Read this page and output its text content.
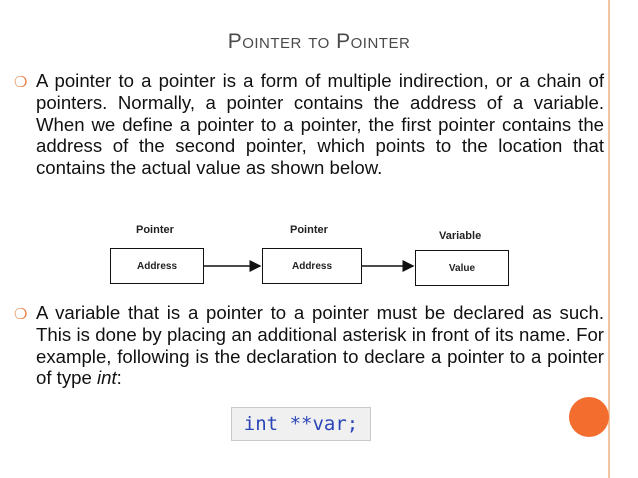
Pointer to Pointer
❍ A pointer to a pointer is a form of multiple indirection, or a chain of pointers. Normally, a pointer contains the address of a variable. When we define a pointer to a pointer, the first pointer contains the address of the second pointer, which points to the location that contains the actual value as shown below.
Pointer
Address
Pointer
Address
Variable
Value
❍ A variable that is a pointer to a pointer must be declared as such. This is done by placing an additional asterisk in front of its name. For example, following is the declaration to declare a pointer to a pointer of type int:
int **var;
